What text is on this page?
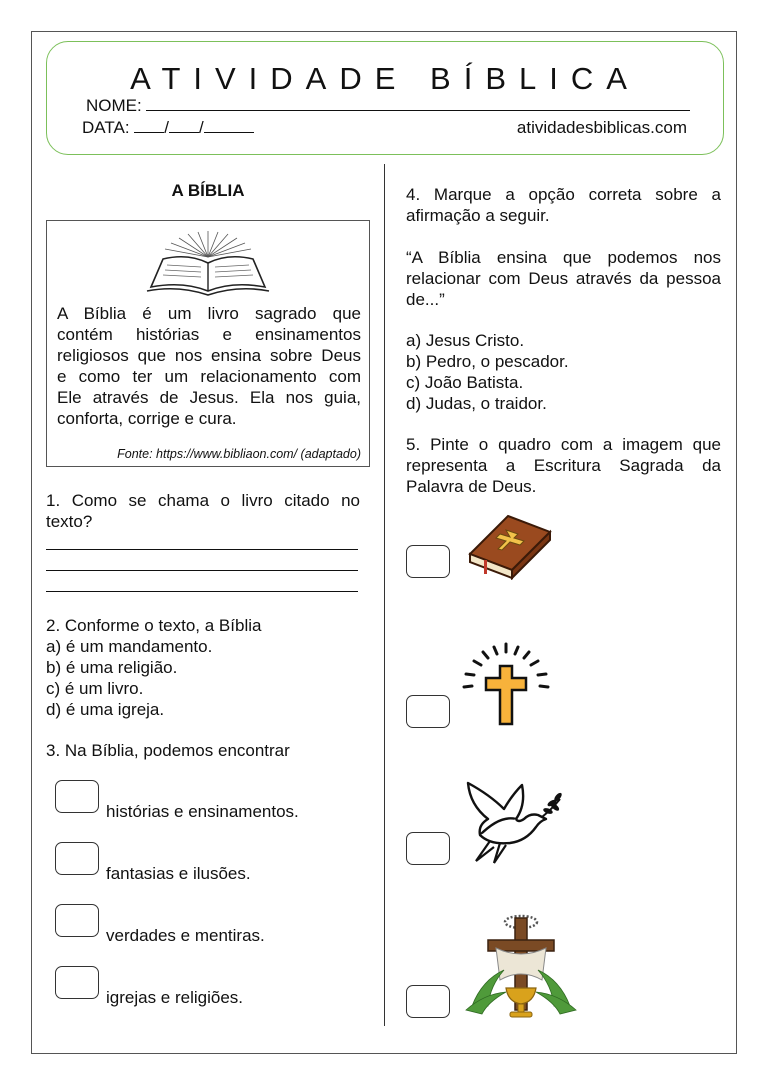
ATIVIDADE BÍBLICA
NOME:
DATA: / /	atividadesbiblicas.com
A BÍBLIA
A Bíblia é um livro sagrado que
contém histórias e ensinamentos
religiosos que nos ensina sobre Deus
e como ter um relacionamento com
Ele através de Jesus. Ela nos guia,
conforta, corrige e cura.
Fonte: https://www.bibliaon.com/ (adaptado)
1. Como se chama o livro citado no
texto?
2. Conforme o texto, a Bíblia
a) é um mandamento.
b) é uma religião.
c) é um livro.
d) é uma igreja.
3. Na Bíblia, podemos encontrar
histórias e ensinamentos.
fantasias e ilusões.
verdades e mentiras.
igrejas e religiões.
4. Marque a opção correta sobre a
afirmação a seguir.
“A Bíblia ensina que podemos nos
relacionar com Deus através da pessoa
de...”
a) Jesus Cristo.
b) Pedro, o pescador.
c) João Batista.
d) Judas, o traidor.
5. Pinte o quadro com a imagem que
representa a Escritura Sagrada da
Palavra de Deus.
